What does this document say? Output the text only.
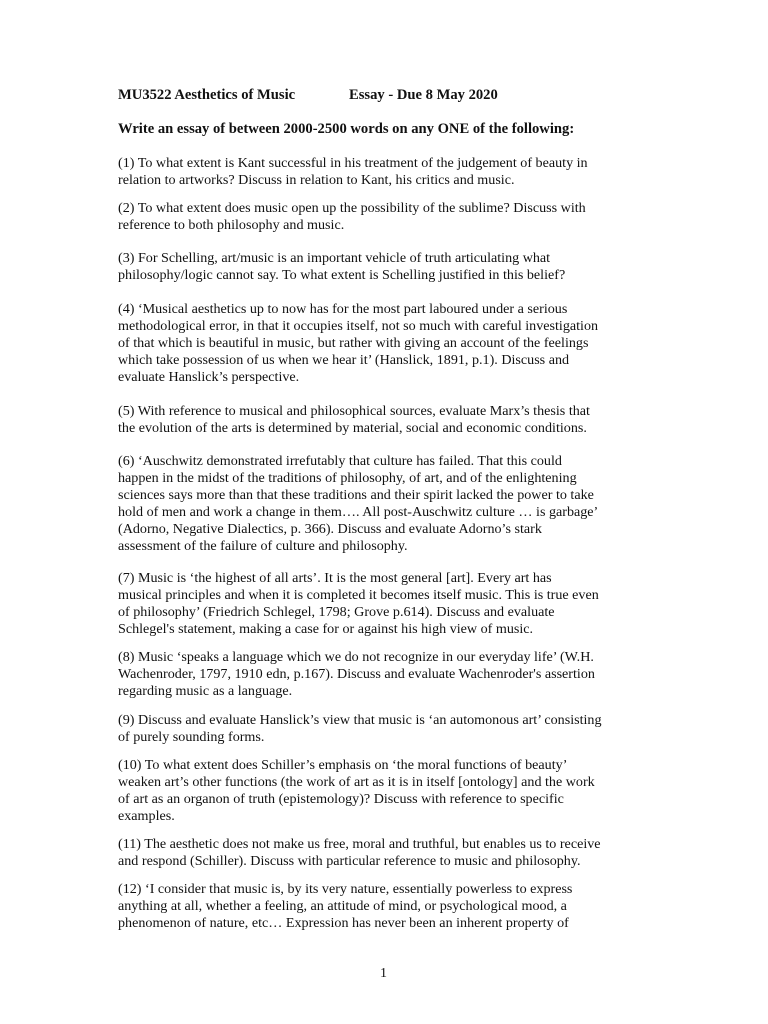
MU3522 Aesthetics of Music	Essay - Due 8 May 2020
Write an essay of between 2000-2500 words on any ONE of the following:

(1) To what extent is Kant successful in his treatment of the judgement of beauty in
relation to artworks? Discuss in relation to Kant, his critics and music.

(2) To what extent does music open up the possibility of the sublime? Discuss with
reference to both philosophy and music.

(3) For Schelling, art/music is an important vehicle of truth articulating what
philosophy/logic cannot say. To what extent is Schelling justified in this belief?

(4) ‘Musical aesthetics up to now has for the most part laboured under a serious
methodological error, in that it occupies itself, not so much with careful investigation
of that which is beautiful in music, but rather with giving an account of the feelings
which take possession of us when we hear it’ (Hanslick, 1891, p.1). Discuss and
evaluate Hanslick’s perspective.

(5) With reference to musical and philosophical sources, evaluate Marx’s thesis that
the evolution of the arts is determined by material, social and economic conditions.

(6) ‘Auschwitz demonstrated irrefutably that culture has failed. That this could
happen in the midst of the traditions of philosophy, of art, and of the enlightening
sciences says more than that these traditions and their spirit lacked the power to take
hold of men and work a change in them…. All post-Auschwitz culture … is garbage’
(Adorno, Negative Dialectics, p. 366). Discuss and evaluate Adorno’s stark
assessment of the failure of culture and philosophy.

(7) Music is ‘the highest of all arts’. It is the most general [art]. Every art has
musical principles and when it is completed it becomes itself music. This is true even
of philosophy’ (Friedrich Schlegel, 1798; Grove p.614). Discuss and evaluate
Schlegel's statement, making a case for or against his high view of music.

(8) Music ‘speaks a language which we do not recognize in our everyday life’ (W.H.
Wachenroder, 1797, 1910 edn, p.167). Discuss and evaluate Wachenroder's assertion
regarding music as a language.

(9) Discuss and evaluate Hanslick’s view that music is ‘an automonous art’ consisting
of purely sounding forms.

(10) To what extent does Schiller’s emphasis on ‘the moral functions of beauty’
weaken art’s other functions (the work of art as it is in itself [ontology] and the work
of art as an organon of truth (epistemology)? Discuss with reference to specific
examples.

(11) The aesthetic does not make us free, moral and truthful, but enables us to receive
and respond (Schiller). Discuss with particular reference to music and philosophy.

(12) ‘I consider that music is, by its very nature, essentially powerless to express
anything at all, whether a feeling, an attitude of mind, or psychological mood, a
phenomenon of nature, etc… Expression has never been an inherent property of

1
